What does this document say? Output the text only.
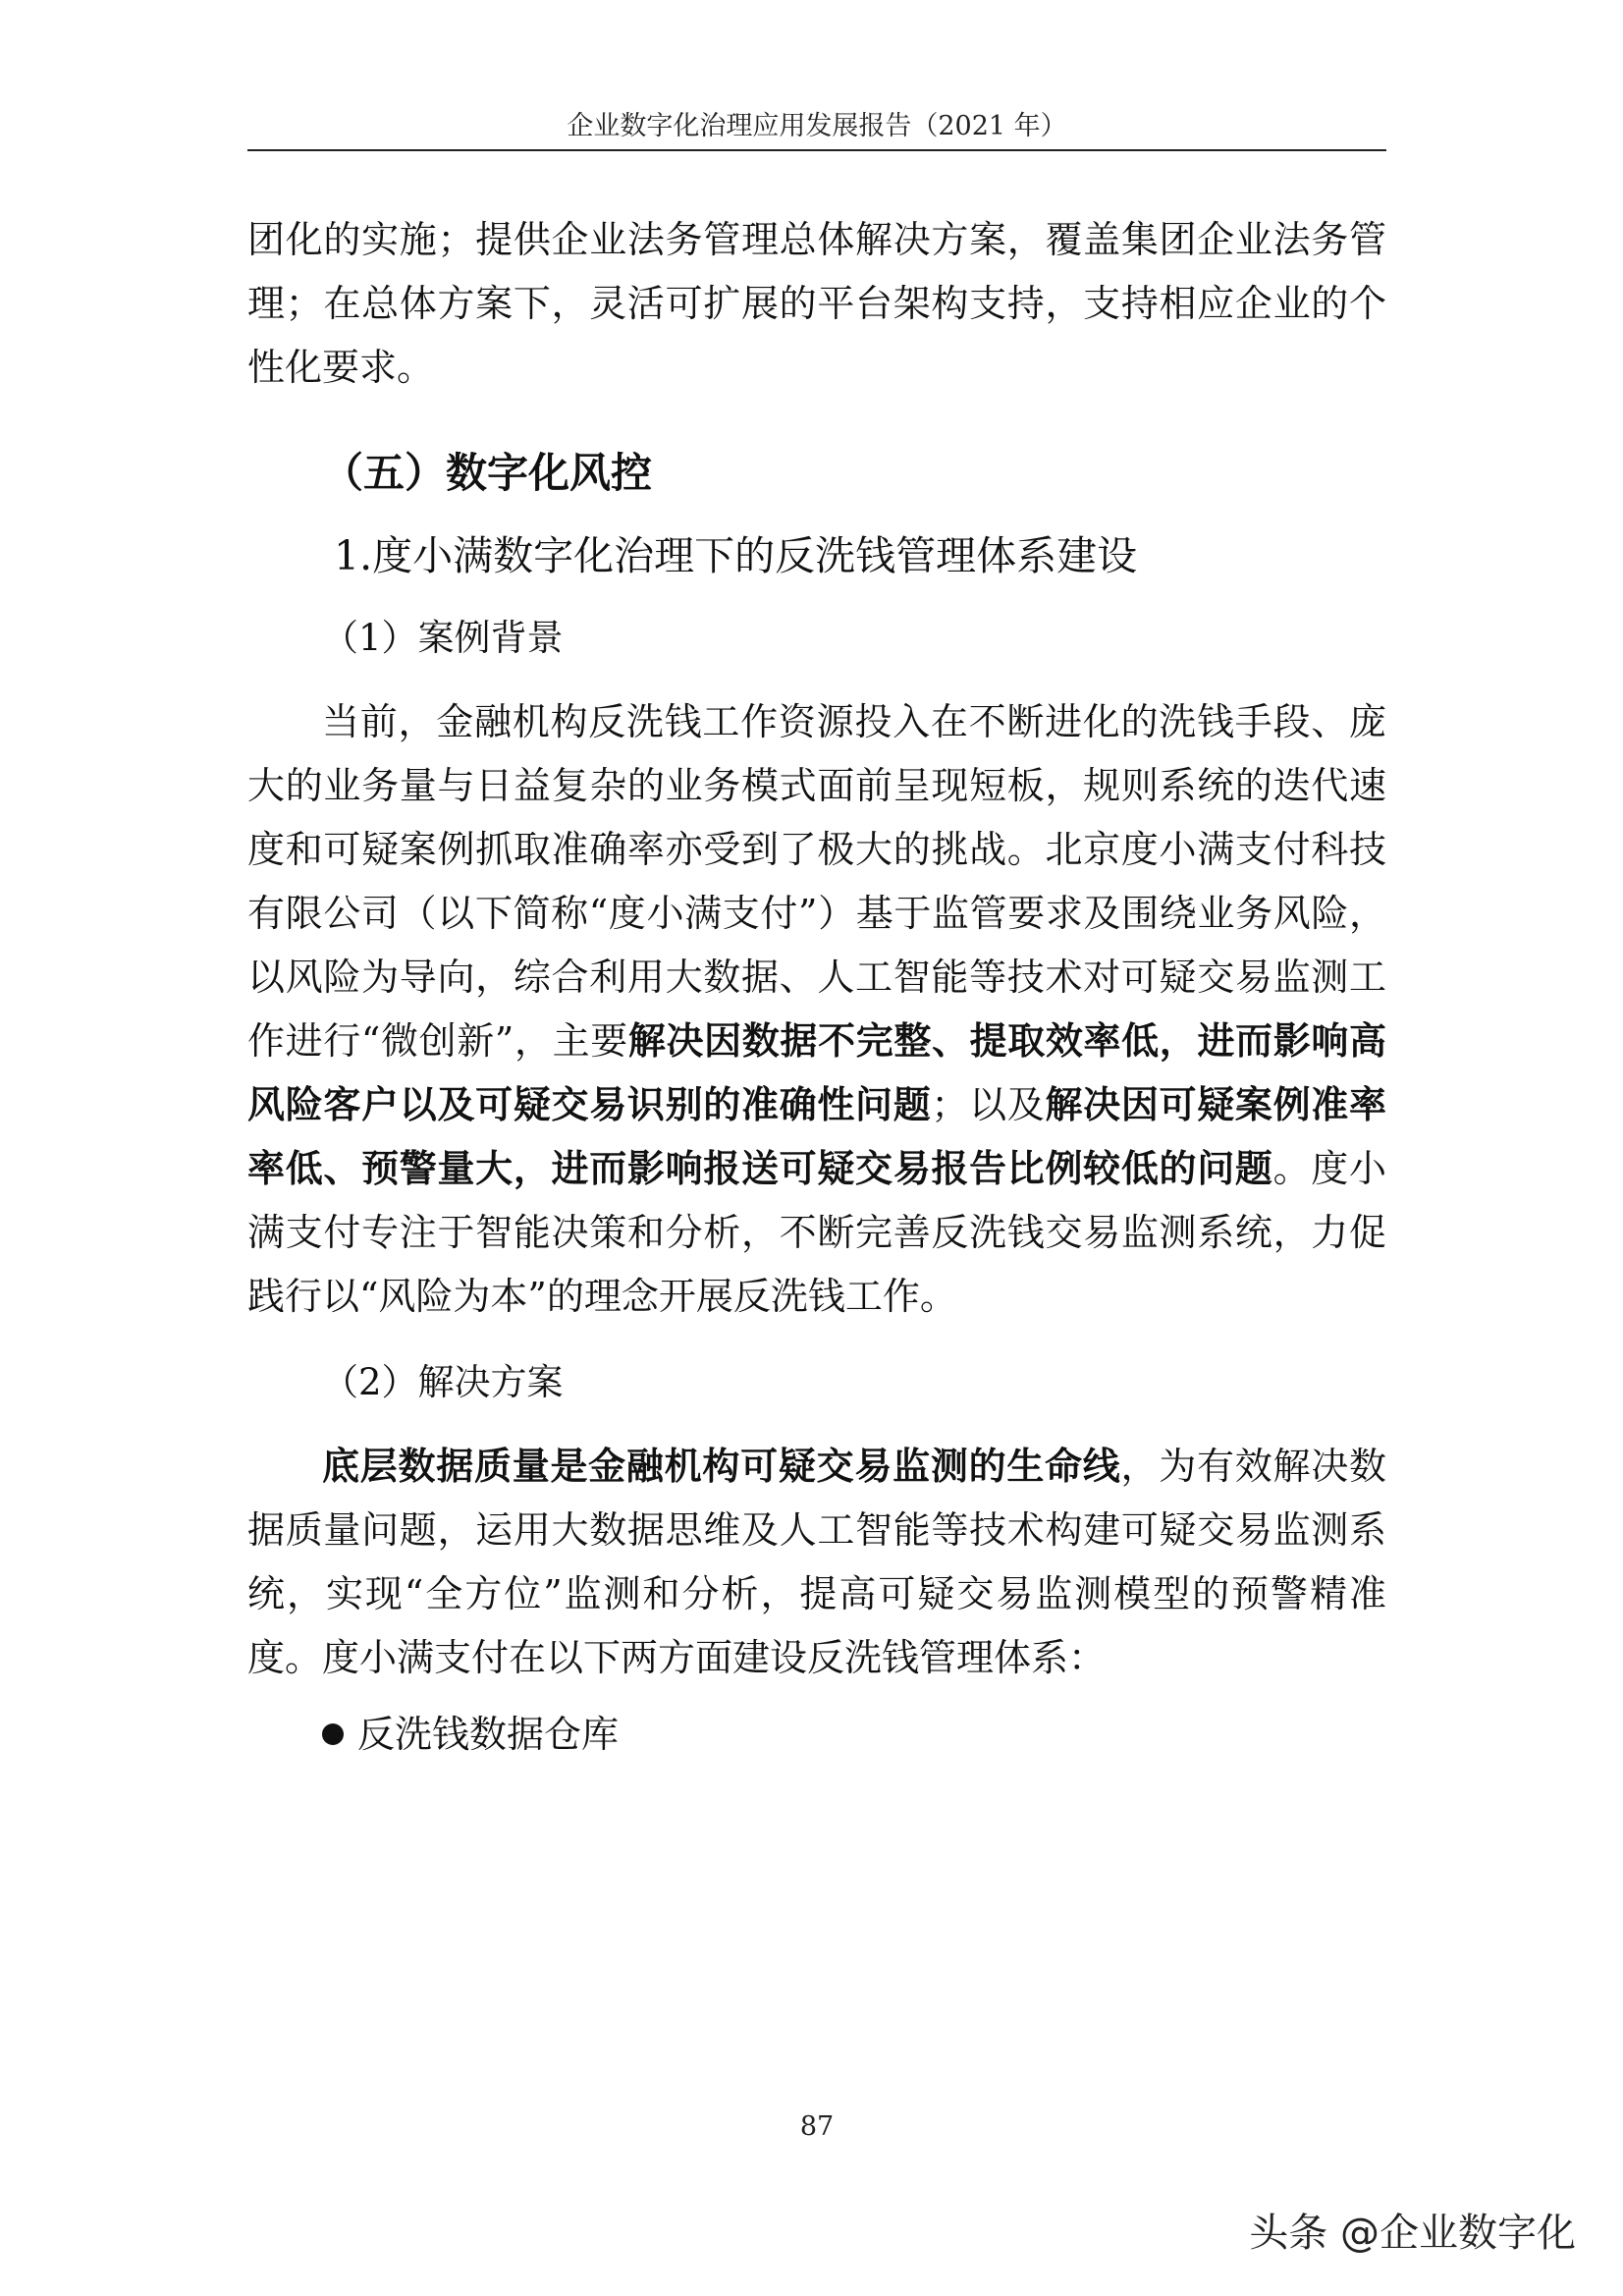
企业数字化治理应用发展报告（2021 年）

团化的实施；提供企业法务管理总体解决方案，覆盖集团企业法务管理；在总体方案下，灵活可扩展的平台架构支持，支持相应企业的个性化要求。

（五）数字化风控
1.度小满数字化治理下的反洗钱管理体系建设
（1）案例背景

当前，金融机构反洗钱工作资源投入在不断进化的洗钱手段、庞大的业务量与日益复杂的业务模式面前呈现短板，规则系统的迭代速度和可疑案例抓取准确率亦受到了极大的挑战。北京度小满支付科技有限公司（以下简称“度小满支付”）基于监管要求及围绕业务风险，以风险为导向，综合利用大数据、人工智能等技术对可疑交易监测工作进行“微创新”，主要解决因数据不完整、提取效率低，进而影响高风险客户以及可疑交易识别的准确性问题；以及解决因可疑案例准率率低、预警量大，进而影响报送可疑交易报告比例较低的问题。度小满支付专注于智能决策和分析，不断完善反洗钱交易监测系统，力促践行以“风险为本”的理念开展反洗钱工作。

（2）解决方案

底层数据质量是金融机构可疑交易监测的生命线，为有效解决数据质量问题，运用大数据思维及人工智能等技术构建可疑交易监测系统，实现“全方位”监测和分析，提高可疑交易监测模型的预警精准度。度小满支付在以下两方面建设反洗钱管理体系：

反洗钱数据仓库
87
头条 @企业数字化
